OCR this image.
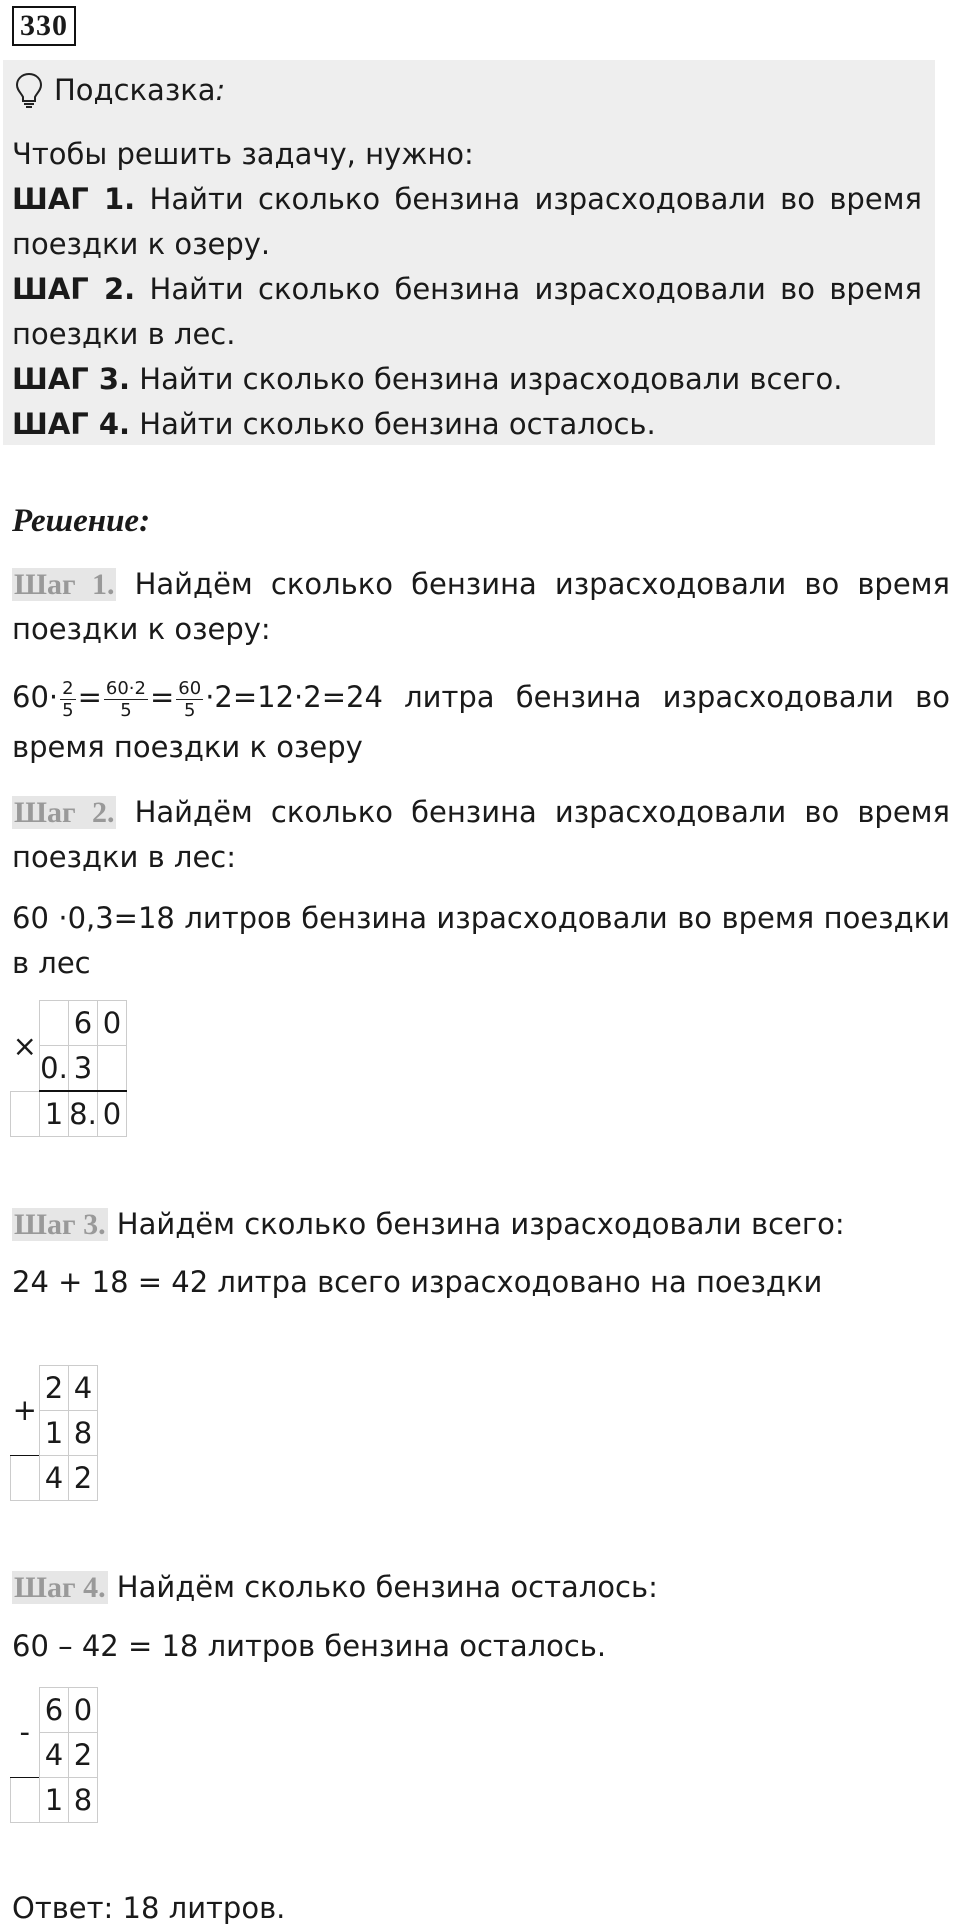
330
Подсказка :

Чтобы решить задачу, нужно:

ШАГ 1. Найти сколько бензина израсходовали во время поездки к озеру.

ШАГ 2. Найти сколько бензина израсходовали во время поездки в лес.

ШАГ 3. Найти сколько бензина израсходовали всего.

ШАГ 4. Найти сколько бензина осталось.

Решение:

Шаг 1. Найдём сколько бензина израсходовали во время поездки к озеру:

$60\cdot \frac{2}{5} = \frac{60\cdot 2}{5} = \frac{60}{5} \cdot 2=12\cdot 2=24$ литра бензина израсходовали во время поездки к озеру

Шаг 2. Найдём сколько бензина израсходовали во время поездки в лес:

60 ·0,3=18 литров бензина израсходовали во время поездки в лес

×		6	0
	0.	3	
	1	8.	0

Шаг 3. Найдём сколько бензина израсходовали всего:

24 + 18 = 42 литра всего израсходовано на поездки

+	2	4
	1	8
	4	2

Шаг 4. Найдём сколько бензина осталось:

60 – 42 = 18 литров бензина осталось.

-	6	0
	4	2
	1	8
Ответ: 18 литров.
